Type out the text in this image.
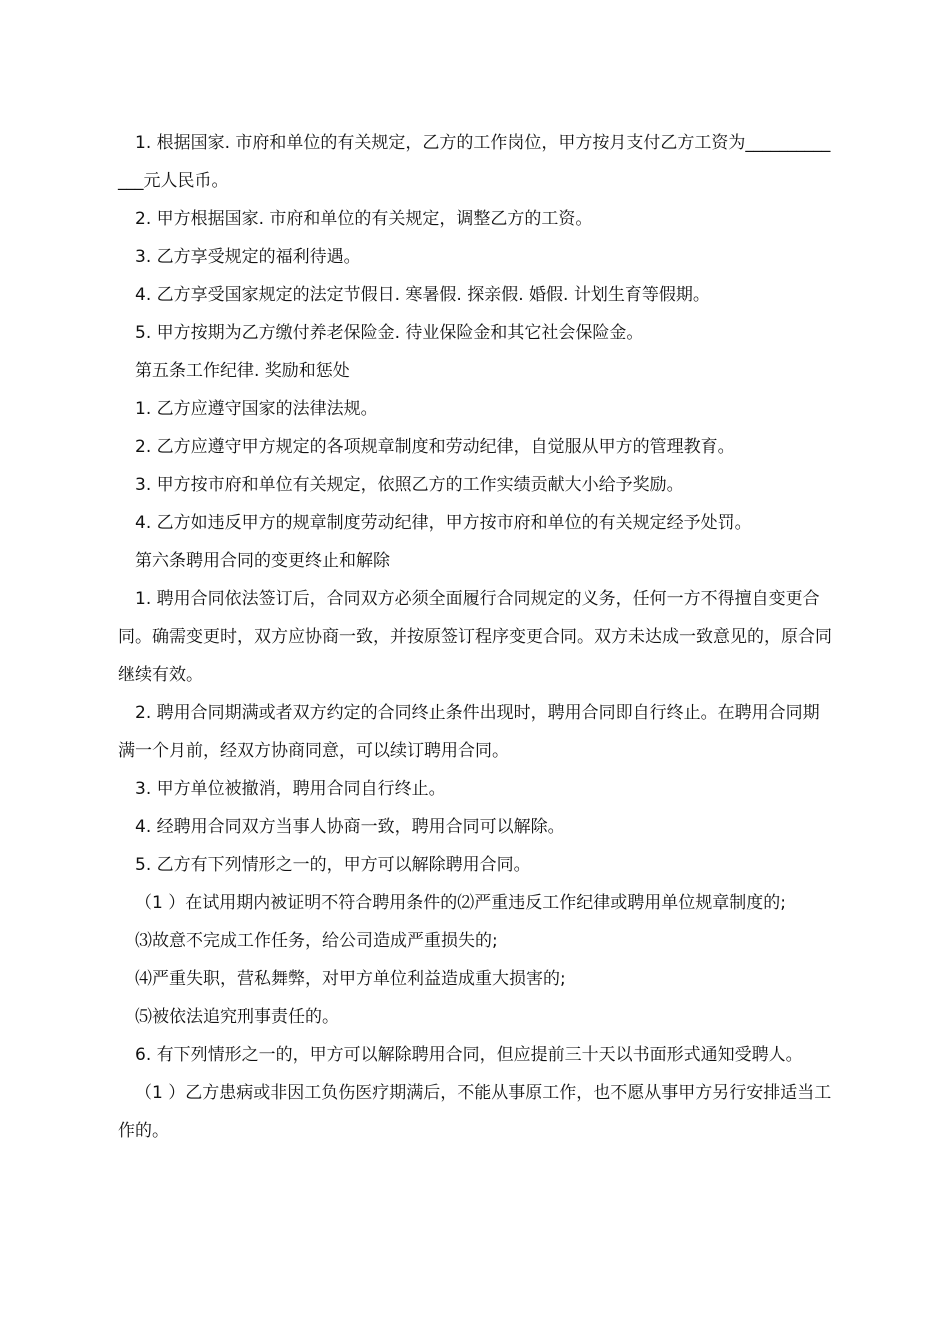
1. 根据国家. 市府和单位的有关规定，乙方的工作岗位，甲方按月支付乙方工资为_____________元人民币。

2. 甲方根据国家. 市府和单位的有关规定，调整乙方的工资。

3. 乙方享受规定的福利待遇。

4. 乙方享受国家规定的法定节假日. 寒暑假. 探亲假. 婚假. 计划生育等假期。

5. 甲方按期为乙方缴付养老保险金. 待业保险金和其它社会保险金。

第五条工作纪律. 奖励和惩处

1. 乙方应遵守国家的法律法规。

2. 乙方应遵守甲方规定的各项规章制度和劳动纪律，自觉服从甲方的管理教育。

3. 甲方按市府和单位有关规定，依照乙方的工作实绩贡献大小给予奖励。

4. 乙方如违反甲方的规章制度劳动纪律，甲方按市府和单位的有关规定经予处罚。

第六条聘用合同的变更终止和解除

1. 聘用合同依法签订后，合同双方必须全面履行合同规定的义务，任何一方不得擅自变更合同。确需变更时，双方应协商一致，并按原签订程序变更合同。双方未达成一致意见的，原合同继续有效。

2. 聘用合同期满或者双方约定的合同终止条件出现时，聘用合同即自行终止。在聘用合同期满一个月前，经双方协商同意，可以续订聘用合同。

3. 甲方单位被撤消，聘用合同自行终止。

4. 经聘用合同双方当事人协商一致，聘用合同可以解除。

5. 乙方有下列情形之一的，甲方可以解除聘用合同。

（1 ）在试用期内被证明不符合聘用条件的⑵严重违反工作纪律或聘用单位规章制度的;

⑶故意不完成工作任务，给公司造成严重损失的;

⑷严重失职，营私舞弊，对甲方单位利益造成重大损害的;

⑸被依法追究刑事责任的。

6. 有下列情形之一的，甲方可以解除聘用合同，但应提前三十天以书面形式通知受聘人。

（1 ）乙方患病或非因工负伤医疗期满后，不能从事原工作，也不愿从事甲方另行安排适当工作的。
